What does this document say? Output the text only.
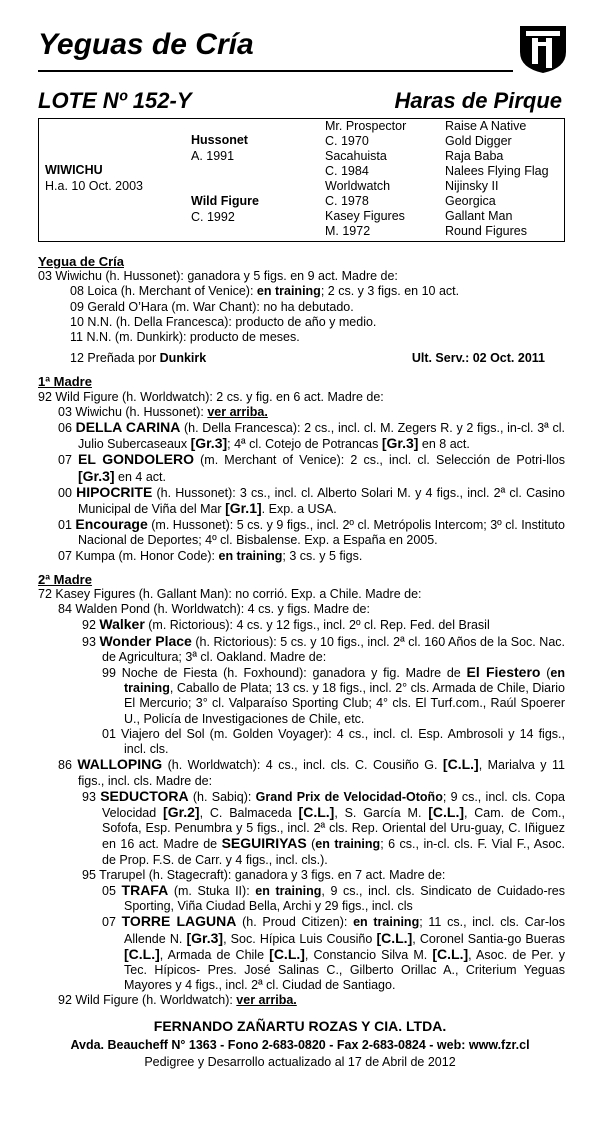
Yeguas de Cría
LOTE Nº 152-Y	Haras de Pirque
WIWICHU
H.a. 10 Oct. 2003
Hussonet
A. 1991
Wild Figure
C. 1992
Mr. Prospector
C. 1970
Sacahuista
C. 1984
Worldwatch
C. 1978
Kasey Figures
M. 1972
Raise A Native
Gold Digger
Raja Baba
Nalees Flying Flag
Nijinsky II
Georgica
Gallant Man
Round Figures
Yegua de Cría
03 Wiwichu (h. Hussonet): ganadora y 5 figs. en 9 act. Madre de:
08 Loica (h. Merchant of Venice): en training; 2 cs. y 3 figs. en 10 act.
09 Gerald O’Hara (m. War Chant): no ha debutado.
10 N.N. (h. Della Francesca): producto de año y medio.
11 N.N. (m. Dunkirk): producto de meses.
12 Preñada por Dunkirk	Ult. Serv.: 02 Oct. 2011
1ª Madre
92 Wild Figure (h. Worldwatch): 2 cs. y fig. en 6 act. Madre de:
03 Wiwichu (h. Hussonet): ver arriba.
06 DELLA CARINA (h. Della Francesca): 2 cs., incl. cl. M. Zegers R. y 2 figs., in-cl. 3ª cl. Julio Subercaseaux [Gr.3]; 4ª cl. Cotejo de Potrancas [Gr.3] en 8 act.
07 EL GONDOLERO (m. Merchant of Venice): 2 cs., incl. cl. Selección de Potri-llos [Gr.3] en 4 act.
00 HIPOCRITE (h. Hussonet): 3 cs., incl. cl. Alberto Solari M. y 4 figs., incl. 2ª cl. Casino Municipal de Viña del Mar [Gr.1]. Exp. a USA.
01 Encourage (m. Hussonet): 5 cs. y 9 figs., incl. 2º cl. Metrópolis Intercom; 3º cl. Instituto Nacional de Deportes; 4º cl. Bisbalense. Exp. a España en 2005.
07 Kumpa (m. Honor Code): en training; 3 cs. y 5 figs.
2ª Madre
72 Kasey Figures (h. Gallant Man): no corrió. Exp. a Chile. Madre de:
84 Walden Pond (h. Worldwatch): 4 cs. y figs. Madre de:
92 Walker (m. Rictorious): 4 cs. y 12 figs., incl. 2º cl. Rep. Fed. del Brasil
93 Wonder Place (h. Rictorious): 5 cs. y 10 figs., incl. 2ª cl. 160 Años de la Soc. Nac. de Agricultura; 3ª cl. Oakland. Madre de:
99 Noche de Fiesta (h. Foxhound): ganadora y fig. Madre de El Fiestero (en training, Caballo de Plata; 13 cs. y 18 figs., incl. 2° cls. Armada de Chile, Diario El Mercurio; 3° cl. Valparaíso Sporting Club; 4° cls. El Turf.com., Raúl Spoerer U., Policía de Investigaciones de Chile, etc.
01 Viajero del Sol (m. Golden Voyager): 4 cs., incl. cl. Esp. Ambrosoli y 14 figs., incl. cls.
86 WALLOPING (h. Worldwatch): 4 cs., incl. cls. C. Cousiño G. [C.L.], Marialva y 11 figs., incl. cls. Madre de:
93 SEDUCTORA (h. Sabiq): Grand Prix de Velocidad-Otoño; 9 cs., incl. cls. Copa Velocidad [Gr.2], C. Balmaceda [C.L.], S. García M. [C.L.], Cam. de Com., Sofofa, Esp. Penumbra y 5 figs., incl. 2ª cls. Rep. Oriental del Uru-guay, C. Iñiguez en 16 act. Madre de SEGUIRIYAS (en training; 6 cs., in-cl. cls. F. Vial F., Asoc. de Prop. F.S. de Carr. y 4 figs., incl. cls.).
95 Trarupel (h. Stagecraft): ganadora y 3 figs. en 7 act. Madre de:
05 TRAFA (m. Stuka II): en training, 9 cs., incl. cls. Sindicato de Cuidado-res Sporting, Viña Ciudad Bella, Archi y 29 figs., incl. cls
07 TORRE LAGUNA (h. Proud Citizen): en training; 11 cs., incl. cls. Car-los Allende N. [Gr.3], Soc. Hípica Luis Cousiño [C.L.], Coronel Santia-go Bueras [C.L.], Armada de Chile [C.L.], Constancio Silva M. [C.L.], Asoc. de Per. y Tec. Hípicos- Pres. José Salinas C., Gilberto Orillac A., Criterium Yeguas Mayores y 4 figs., incl. 2ª cl. Ciudad de Santiago.
92 Wild Figure (h. Worldwatch): ver arriba.
FERNANDO ZAÑARTU ROZAS Y CIA. LTDA.
Avda. Beaucheff N° 1363 - Fono 2-683-0820 - Fax 2-683-0824 - web: www.fzr.cl
Pedigree y Desarrollo actualizado al 17 de Abril de 2012
